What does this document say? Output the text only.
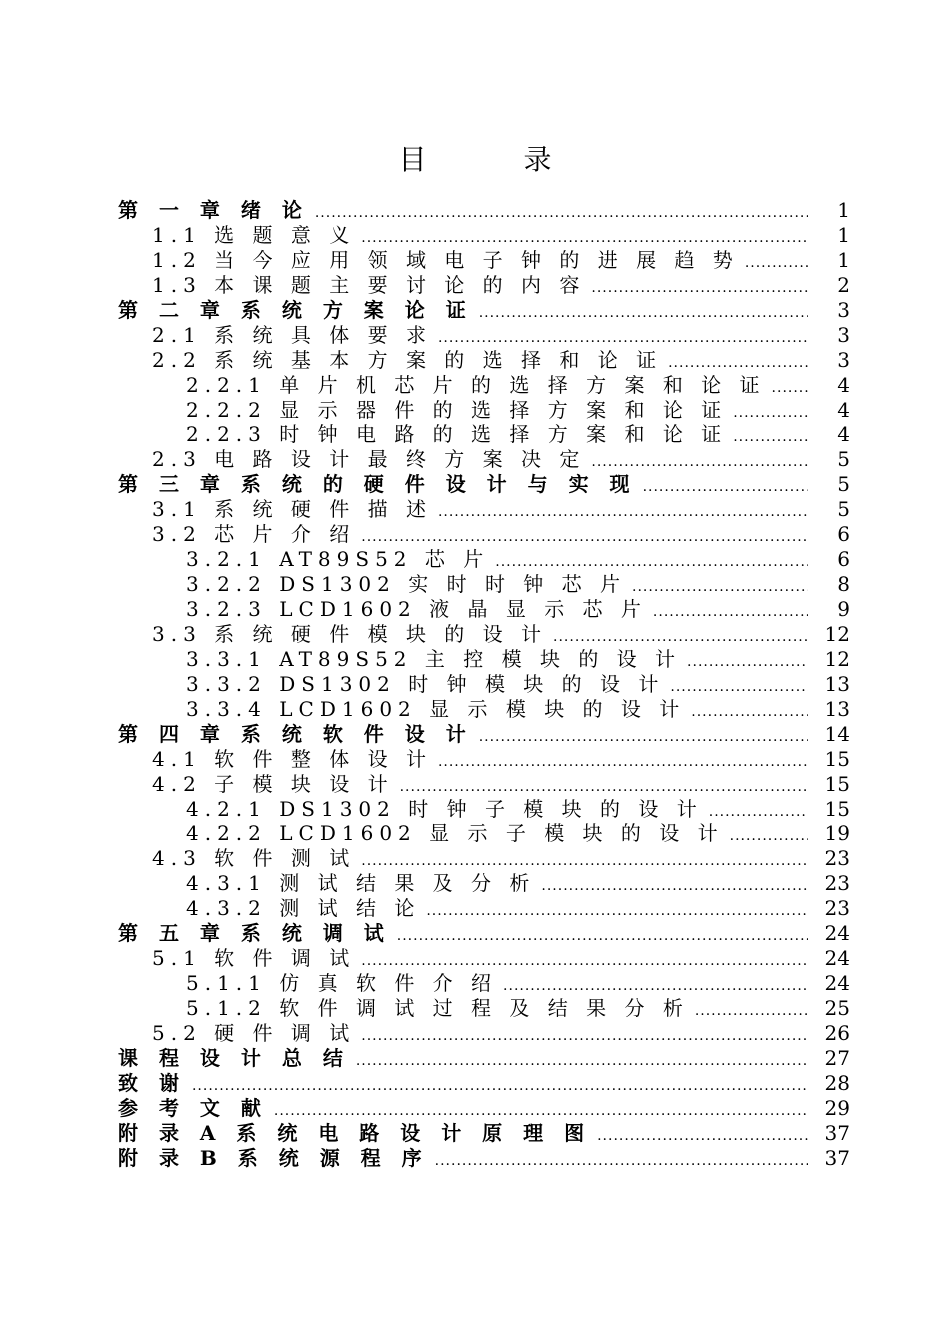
目 录
第 一 章 绪 论 .....	1
1.1 选 题 意 义 .....	1
1.2 当 今 应 用 领 域 电 子 钟 的 进 展 趋 势 .....	1
1.3 本 课 题 主 要 讨 论 的 内 容 .....	2
第 二 章 系 统 方 案 论 证 .....	3
2.1 系 统 具 体 要 求 .....	3
2.2 系 统 基 本 方 案 的 选 择 和 论 证 .....	3
2.2.1 单 片 机 芯 片 的 选 择 方 案 和 论 证 .....	4
2.2.2 显 示 器 件 的 选 择 方 案 和 论 证 .....	4
2.2.3 时 钟 电 路 的 选 择 方 案 和 论 证 .....	4
2.3 电 路 设 计 最 终 方 案 决 定 .....	5
第 三 章 系 统 的 硬 件 设 计 与 实 现 .....	5
3.1 系 统 硬 件 描 述 .....	5
3.2 芯 片 介 绍 .....	6
3.2.1 AT89S52 芯 片 .....	6
3.2.2 DS1302 实 时 时 钟 芯 片 .....	8
3.2.3 LCD1602 液 晶 显 示 芯 片 .....	9
3.3 系 统 硬 件 模 块 的 设 计 .....	12
3.3.1 AT89S52 主 控 模 块 的 设 计 .....	12
3.3.2 DS1302 时 钟 模 块 的 设 计 .....	13
3.3.4 LCD1602 显 示 模 块 的 设 计 .....	13
第 四 章 系 统 软 件 设 计 .....	14
4.1 软 件 整 体 设 计 .....	15
4.2 子 模 块 设 计 .....	15
4.2.1 DS1302 时 钟 子 模 块 的 设 计 .....	15
4.2.2 LCD1602 显 示 子 模 块 的 设 计 .....	19
4.3 软 件 测 试 .....	23
4.3.1 测 试 结 果 及 分 析 .....	23
4.3.2 测 试 结 论 .....	23
第 五 章 系 统 调 试 .....	24
5.1 软 件 调 试 .....	24
5.1.1 仿 真 软 件 介 绍 .....	24
5.1.2 软 件 调 试 过 程 及 结 果 分 析 .....	25
5.2 硬 件 调 试 .....	26
课 程 设 计 总 结 .....	27
致 谢 .....	28
参 考 文 献 .....	29
附 录 A 系 统 电 路 设 计 原 理 图 .....	37
附 录 B 系 统 源 程 序 .....	37
